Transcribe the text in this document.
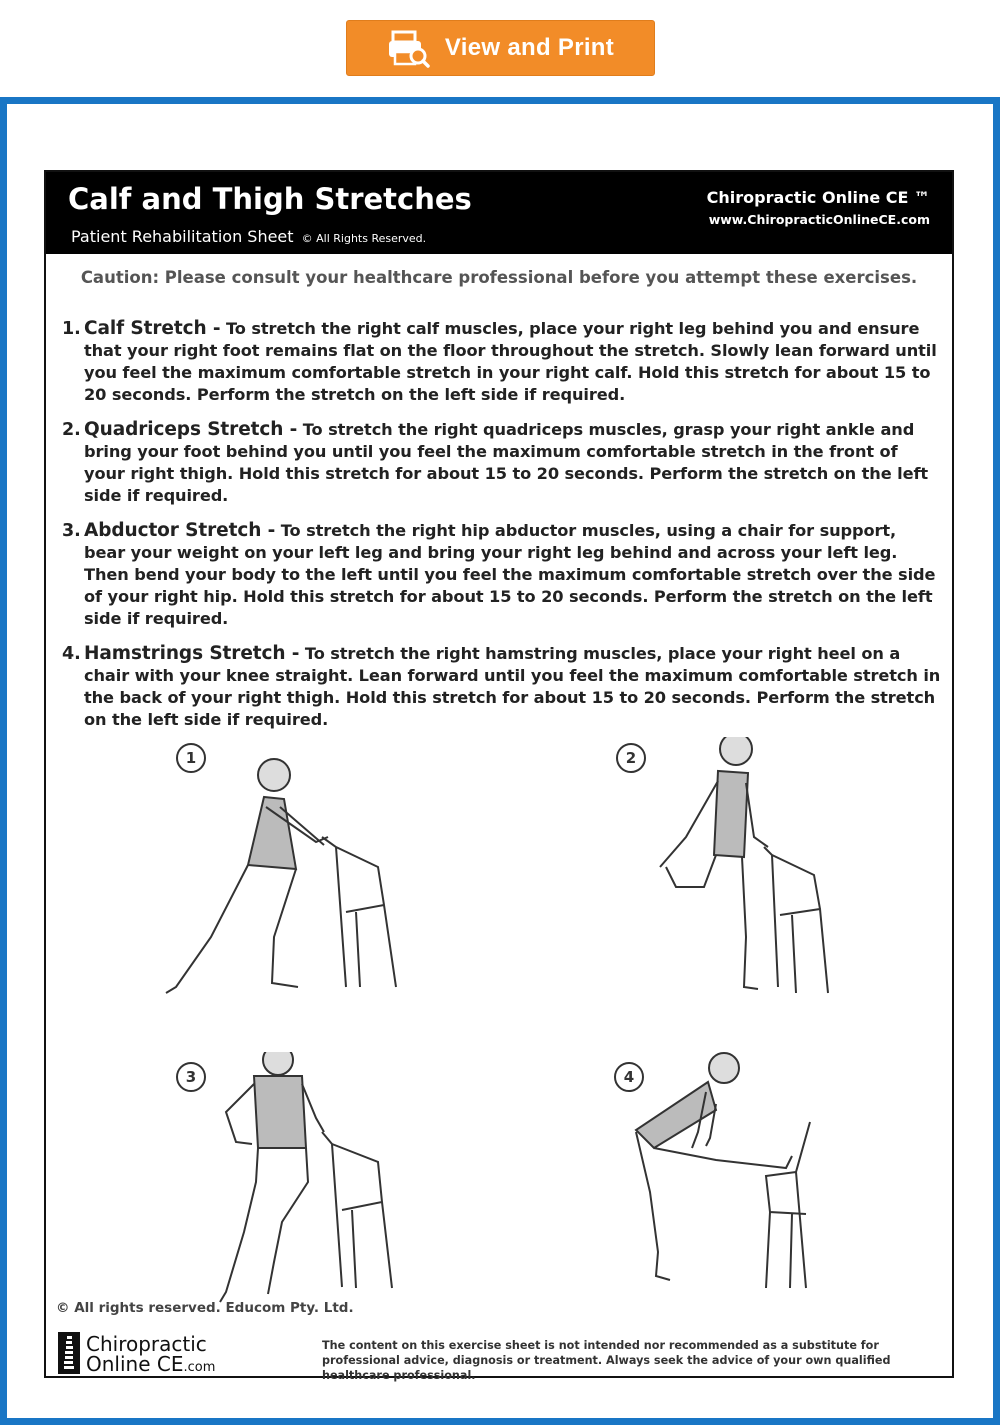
View and Print
Calf and Thigh Stretches
Patient Rehabilitation Sheet © All Rights Reserved.
Chiropractic Online CE ™
www.ChiropracticOnlineCE.com
Caution: Please consult your healthcare professional before you attempt these exercises.
1. Calf Stretch - To stretch the right calf muscles, place your right leg behind you and ensure that your right foot remains flat on the floor throughout the stretch. Slowly lean forward until you feel the maximum comfortable stretch in your right calf. Hold this stretch for about 15 to 20 seconds. Perform the stretch on the left side if required.
2. Quadriceps Stretch - To stretch the right quadriceps muscles, grasp your right ankle and bring your foot behind you until you feel the maximum comfortable stretch in the front of your right thigh. Hold this stretch for about 15 to 20 seconds. Perform the stretch on the left side if required.
3. Abductor Stretch - To stretch the right hip abductor muscles, using a chair for support, bear your weight on your left leg and bring your right leg behind and across your left leg. Then bend your body to the left until you feel the maximum comfortable stretch over the side of your right hip. Hold this stretch for about 15 to 20 seconds. Perform the stretch on the left side if required.
4. Hamstrings Stretch - To stretch the right hamstring muscles, place your right heel on a chair with your knee straight. Lean forward until you feel the maximum comfortable stretch in the back of your right thigh. Hold this stretch for about 15 to 20 seconds. Perform the stretch on the left side if required.
1	2
3	4
© All rights reserved. Educom Pty. Ltd.
Chiropractic
Online CE.com
The content on this exercise sheet is not intended nor recommended as a substitute for professional advice, diagnosis or treatment. Always seek the advice of your own qualified healthcare professional.
